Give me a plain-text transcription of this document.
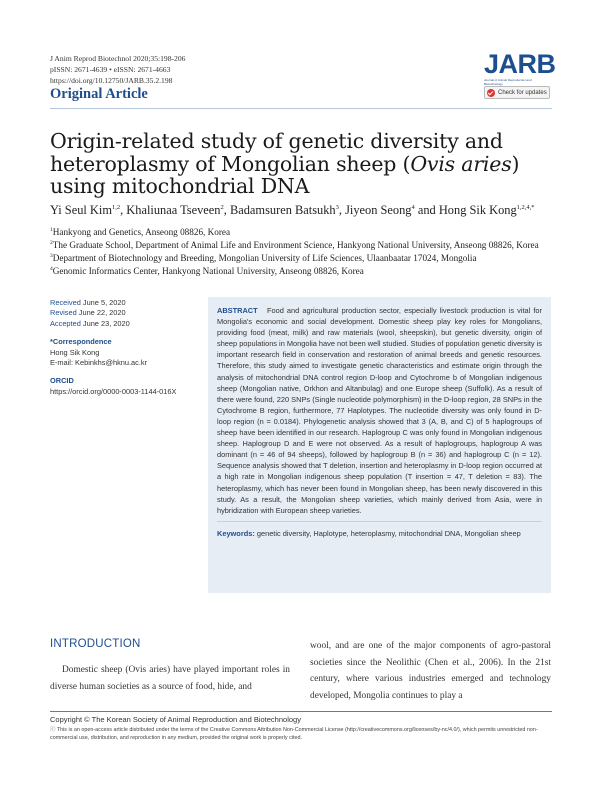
J Anim Reprod Biotechnol 2020;35:198-206
pISSN: 2671-4639 • eISSN: 2671-4663
https://doi.org/10.12750/JARB.35.2.198
Original Article
JARB
Journal of Animal Reproduction and Biotechnology
Check for updates
Origin-related study of genetic diversity and heteroplasmy of Mongolian sheep (Ovis aries) using mitochondrial DNA
Yi Seul Kim$^{1,2}$, Khaliunaa Tseveen$^2$, Badamsuren Batsukh$^3$, Jiyeon Seong$^4$ and Hong Sik Kong$^{1,2,4,*}$
$^1$Hankyong and Genetics, Anseong 08826, Korea
$^2$The Graduate School, Department of Animal Life and Environment Science, Hankyong National University, Anseong 08826, Korea
$^3$Department of Biotechnology and Breeding, Mongolian University of Life Sciences, Ulaanbaatar 17024, Mongolia
$^4$Genomic Informatics Center, Hankyong National University, Anseong 08826, Korea
Received June 5, 2020
Revised June 22, 2020
Accepted June 23, 2020
*Correspondence
Hong Sik Kong
E-mail: Kebinkhs@hknu.ac.kr
ORCID
https://orcid.org/0000-0003-1144-016X

ABSTRACT Food and agricultural production sector, especially livestock production is vital for Mongolia's economic and social development. Domestic sheep play key roles for Mongolians, providing food (meat, milk) and raw materials (wool, sheepskin), but genetic diversity, origin of sheep populations in Mongolia have not been well studied. Studies of population genetic diversity is important research field in conservation and restoration of animal breeds and genetic resources. Therefore, this study aimed to investigate genetic characteristics and estimate origin through the analysis of mitochondrial DNA control region D-loop and Cytochrome b of Mongolian indigenous sheep (Mongolian native, Orkhon and Altanbulag) and one Europe sheep (Suffolk). As a result of there were found, 220 SNPs (Single nucleotide polymorphism) in the D-loop region, 28 SNPs in the Cytochrome B region, furthermore, 77 Haplotypes. The nucleotide diversity was only found in D-loop region (n = 0.0184). Phylogenetic analysis showed that 3 (A, B, and C) of 5 haplogroups of sheep have been identified in our research. Haplogroup C was only found in Mongolian indigenous sheep. Haplogroup D and E were not observed. As a result of haplogroups, haplogroup A was dominant (n = 46 of 94 sheeps), followed by haplogroup B (n = 36) and haplogroup C (n = 12). Sequence analysis showed that T deletion, insertion and heteroplasmy in D-loop region occurred at a high rate in Mongolian indigenous sheep population (T insertion = 47, T deletion = 83). The heteroplasmy, which has never been found in Mongolian sheep, has been newly discovered in this study. As a result, the Mongolian sheep varieties, which mainly derived from Asia, were in hybridization with European sheep varieties.

Keywords: genetic diversity, Haplotype, heteroplasmy, mitochondrial DNA, Mongolian sheep

INTRODUCTION

Domestic sheep (Ovis aries) have played important roles in diverse human societies as a source of food, hide, and

wool, and are one of the major components of agro-pastoral societies since the Neolithic (Chen et al., 2006). In the 21st century, where various industries emerged and technology developed, Mongolia continues to play a

Copyright © The Korean Society of Animal Reproduction and Biotechnology
ⓒ This is an open-access article distributed under the terms of the Creative Commons Attribution Non-Commercial License (http://creativecommons.org/licenses/by-nc/4.0/), which permits unrestricted non-commercial use, distribution, and reproduction in any medium, provided the original work is properly cited.
